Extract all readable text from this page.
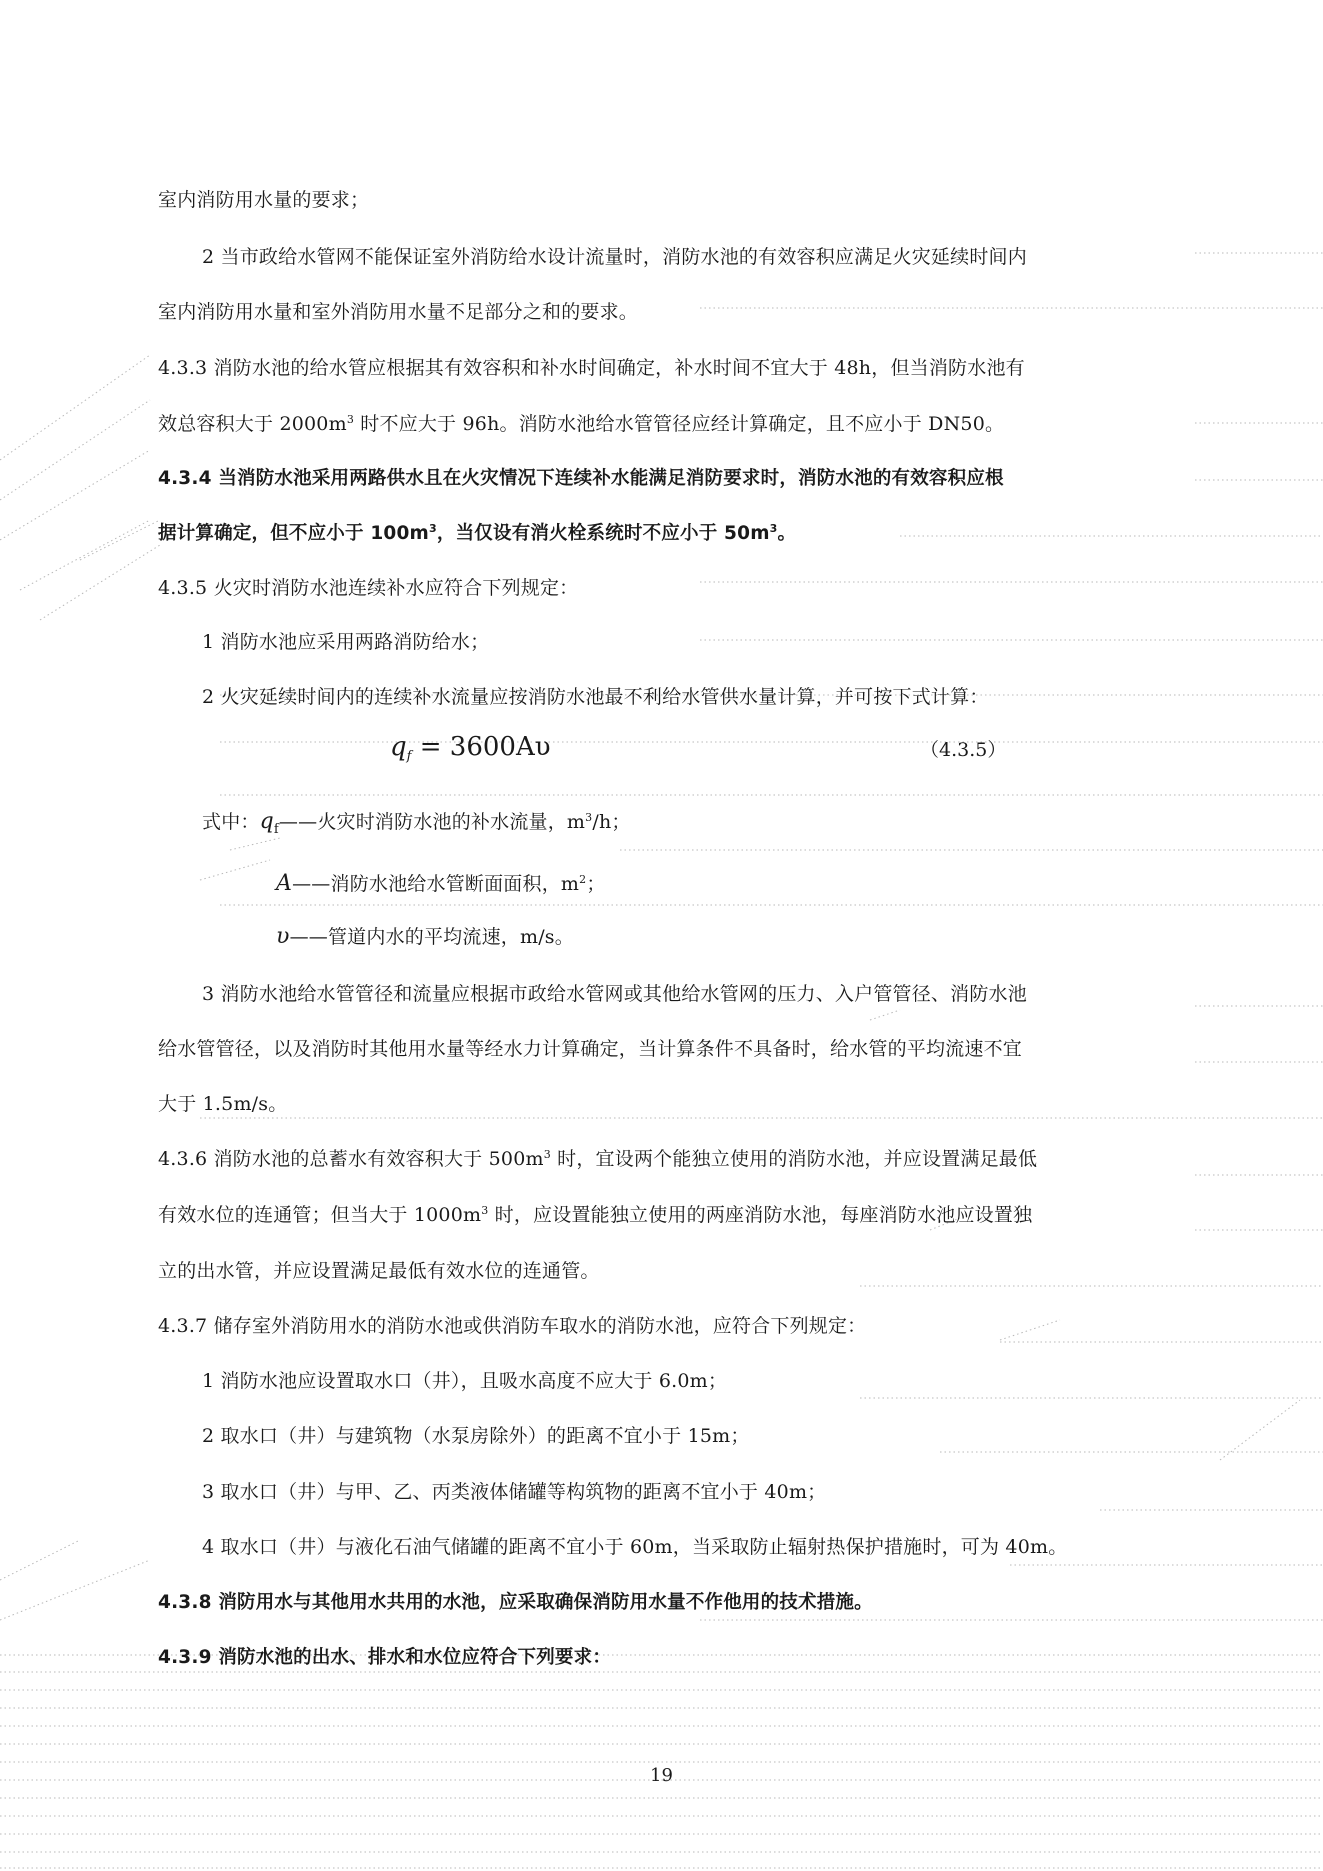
室内消防用水量的要求；
2 当市政给水管网不能保证室外消防给水设计流量时，消防水池的有效容积应满足火灾延续时间内
室内消防用水量和室外消防用水量不足部分之和的要求。
4.3.3 消防水池的给水管应根据其有效容积和补水时间确定，补水时间不宜大于 48h，但当消防水池有
效总容积大于 $2000m^3$ 时不应大于 96h。消防水池给水管管径应经计算确定，且不应小于 DN50。
4.3.4 当消防水池采用两路供水且在火灾情况下连续补水能满足消防要求时，消防水池的有效容积应根
据计算确定，但不应小于 $100m^3$，当仅设有消火栓系统时不应小于 $50m^3$。
4.3.5 火灾时消防水池连续补水应符合下列规定：
1 消防水池应采用两路消防给水；
2 火灾延续时间内的连续补水流量应按消防水池最不利给水管供水量计算，并可按下式计算：
$q_f = 3600A\upsilon$	（4.3.5）
式中：$q_f——$火灾时消防水池的补水流量，$m^3/h$；
A——消防水池给水管断面面积，$m^2$；
υ——管道内水的平均流速，m/s。
3 消防水池给水管管径和流量应根据市政给水管网或其他给水管网的压力、入户管管径、消防水池
给水管管径，以及消防时其他用水量等经水力计算确定，当计算条件不具备时，给水管的平均流速不宜
大于 1.5m/s。
4.3.6 消防水池的总蓄水有效容积大于 $500m^3$ 时，宜设两个能独立使用的消防水池，并应设置满足最低
有效水位的连通管；但当大于 $1000m^3$ 时，应设置能独立使用的两座消防水池，每座消防水池应设置独
立的出水管，并应设置满足最低有效水位的连通管。
4.3.7 储存室外消防用水的消防水池或供消防车取水的消防水池，应符合下列规定：
1 消防水池应设置取水口（井），且吸水高度不应大于 6.0m；
2 取水口（井）与建筑物（水泵房除外）的距离不宜小于 15m；
3 取水口（井）与甲、乙、丙类液体储罐等构筑物的距离不宜小于 40m；
4 取水口（井）与液化石油气储罐的距离不宜小于 60m，当采取防止辐射热保护措施时，可为 40m。
4.3.8 消防用水与其他用水共用的水池，应采取确保消防用水量不作他用的技术措施。
4.3.9 消防水池的出水、排水和水位应符合下列要求：
19
